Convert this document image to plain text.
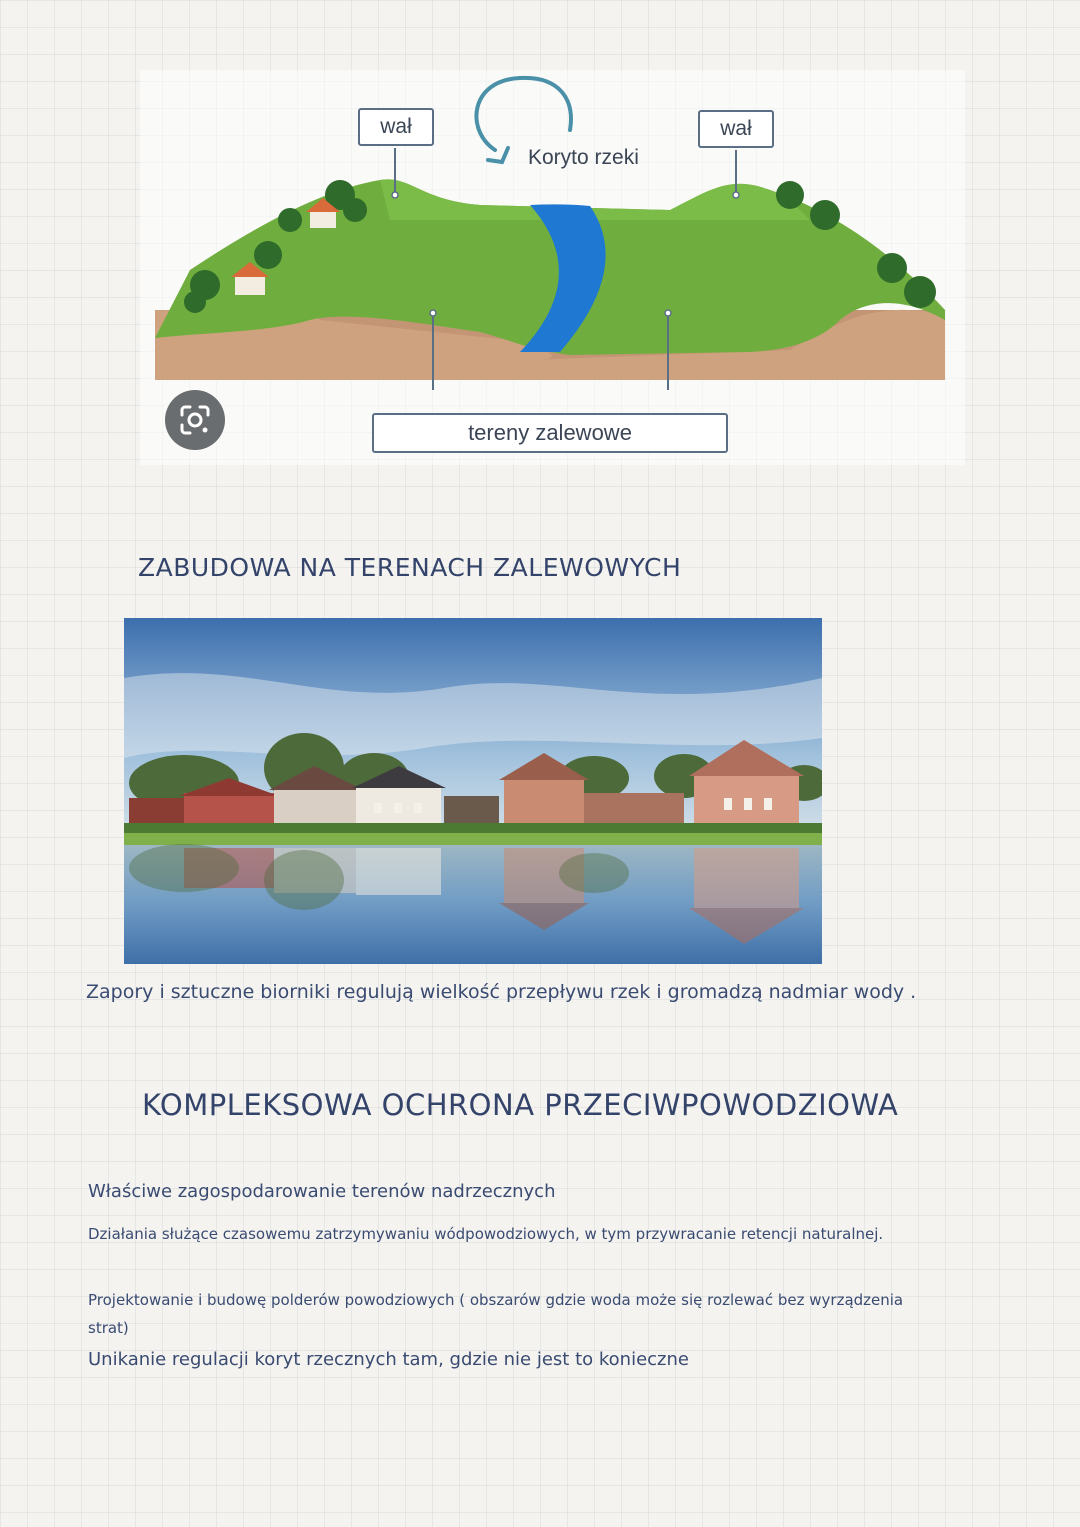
wał	wał
Koryto rzeki
tereny zalewowe
ZABUDOWA NA TERENACH ZALEWOWYCH
Zapory i sztuczne biorniki regulują wielkość przepływu rzek i gromadzą nadmiar wody .
KOMPLEKSOWA OCHRONA PRZECIWPOWODZIOWA
Właściwe zagospodarowanie terenów nadrzecznych
Działania służące czasowemu zatrzymywaniu wódpowodziowych, w tym przywracanie retencji naturalnej.
Projektowanie i budowę polderów powodziowych ( obszarów gdzie woda może się rozlewać bez wyrządzenia strat)
Unikanie regulacji koryt rzecznych tam, gdzie nie jest to konieczne
